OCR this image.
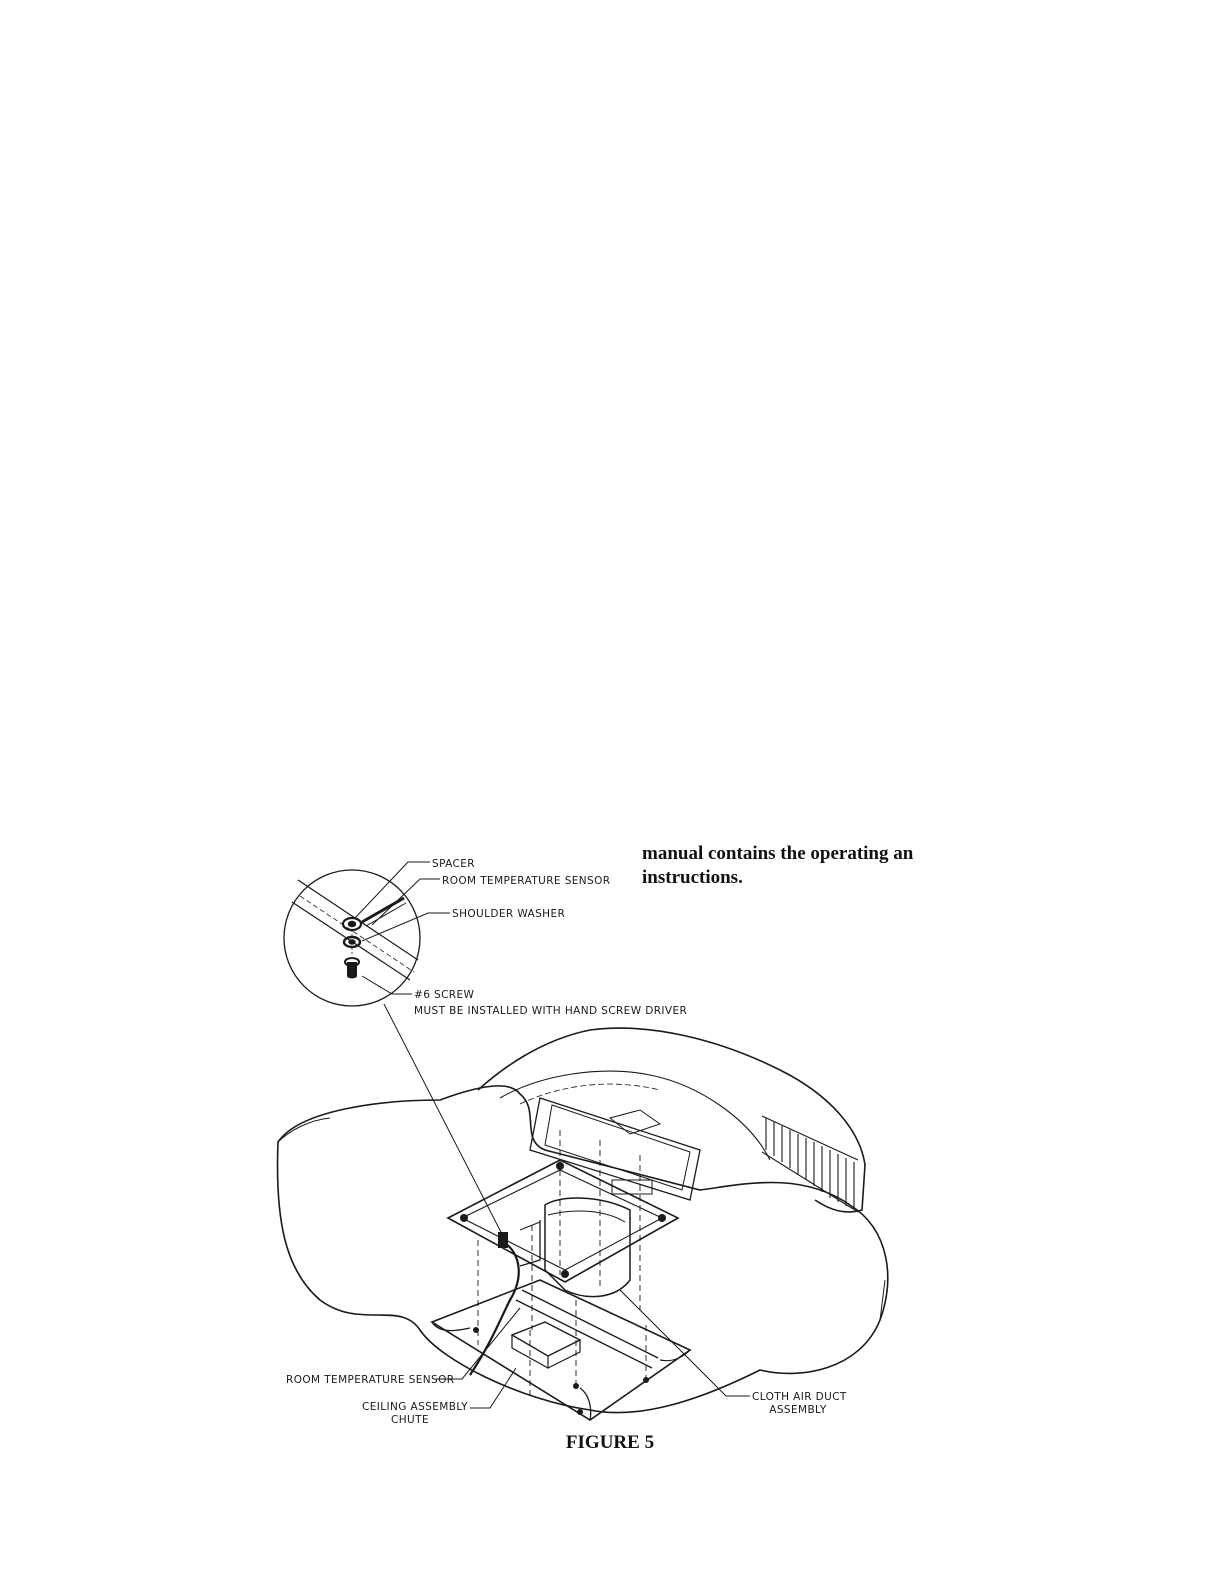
manual contains the operating an
instructions.
SPACER
ROOM TEMPERATURE SENSOR
SHOULDER WASHER
#6 SCREW
MUST BE INSTALLED WITH HAND SCREW DRIVER
ROOM TEMPERATURE SENSOR
CEILING ASSEMBLY
CHUTE
CLOTH AIR DUCT
ASSEMBLY
FIGURE 5
